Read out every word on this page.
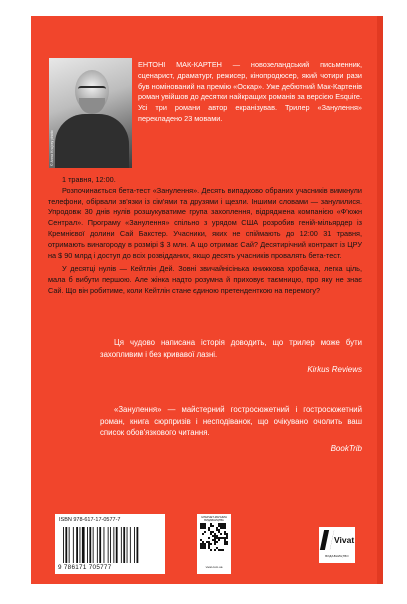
© Anna Krajcsy photo

ЕНТОНІ МАК-КАРТЕН — новозеландський письменник, сценарист, драматург, режисер, кінопродюсер, який чотири рази був номінований на премію «Оскар». Уже дебютний Мак-Картенів роман увійшов до десятки найкращих романів за версією Esquire. Усі три романи автор екранізував. Трилер «Занулення» перекладено 23 мовами.

1 травня, 12:00.

Розпочинається бета-тест «Занулення». Десять випадково обраних учасників вимкнули телефони, обірвали зв'язки із сім'ями та друзями і щезли. Іншими словами — занулилися. Упродовж 30 днів нулів розшукуватиме група захоплення, відряджена компанією «Ф'южн Сентрал». Програму «Занулення» спільно з урядом США розробив геній-мільярдер із Кремнієвої долини Сай Бакстер. Учасники, яких не спіймають до 12:00 31 травня, отримають винагороду в розмірі $ 3 млн. А що отримає Сай? Десятирічний контракт із ЦРУ на $ 90 млрд і доступ до всіх розвідданих, якщо десять учасників провалять бета-тест.

У десятці нулів — Кейтлін Дей. Зовні звичайнісінька книжкова хробачка, легка ціль, мала б вибути першою. Але жінка надто розумна й приховує таємницю, про яку не знає Сай. Що він робитиме, коли Кейтлін стане єдиною претенденткою на перемогу?

Ця чудово написана історія доводить, що трилер може бути захопливим і без кривавої лазні.

Kirkus Reviews

«Занулення» — майстерний гостросюжетний і гостросюжетний роман, книга сюрпризів і несподіванок, що очікувано очолить ваш список обов'язкового читання.

BookTrib
ISBN 978-617-17-0577-7
9 786171 705777
ІНТЕРНЕТ-МАГАЗИН ВИДАВНИЦТВА
vivat.com.ua
Vivat
ВИДАВНИЦТВО
